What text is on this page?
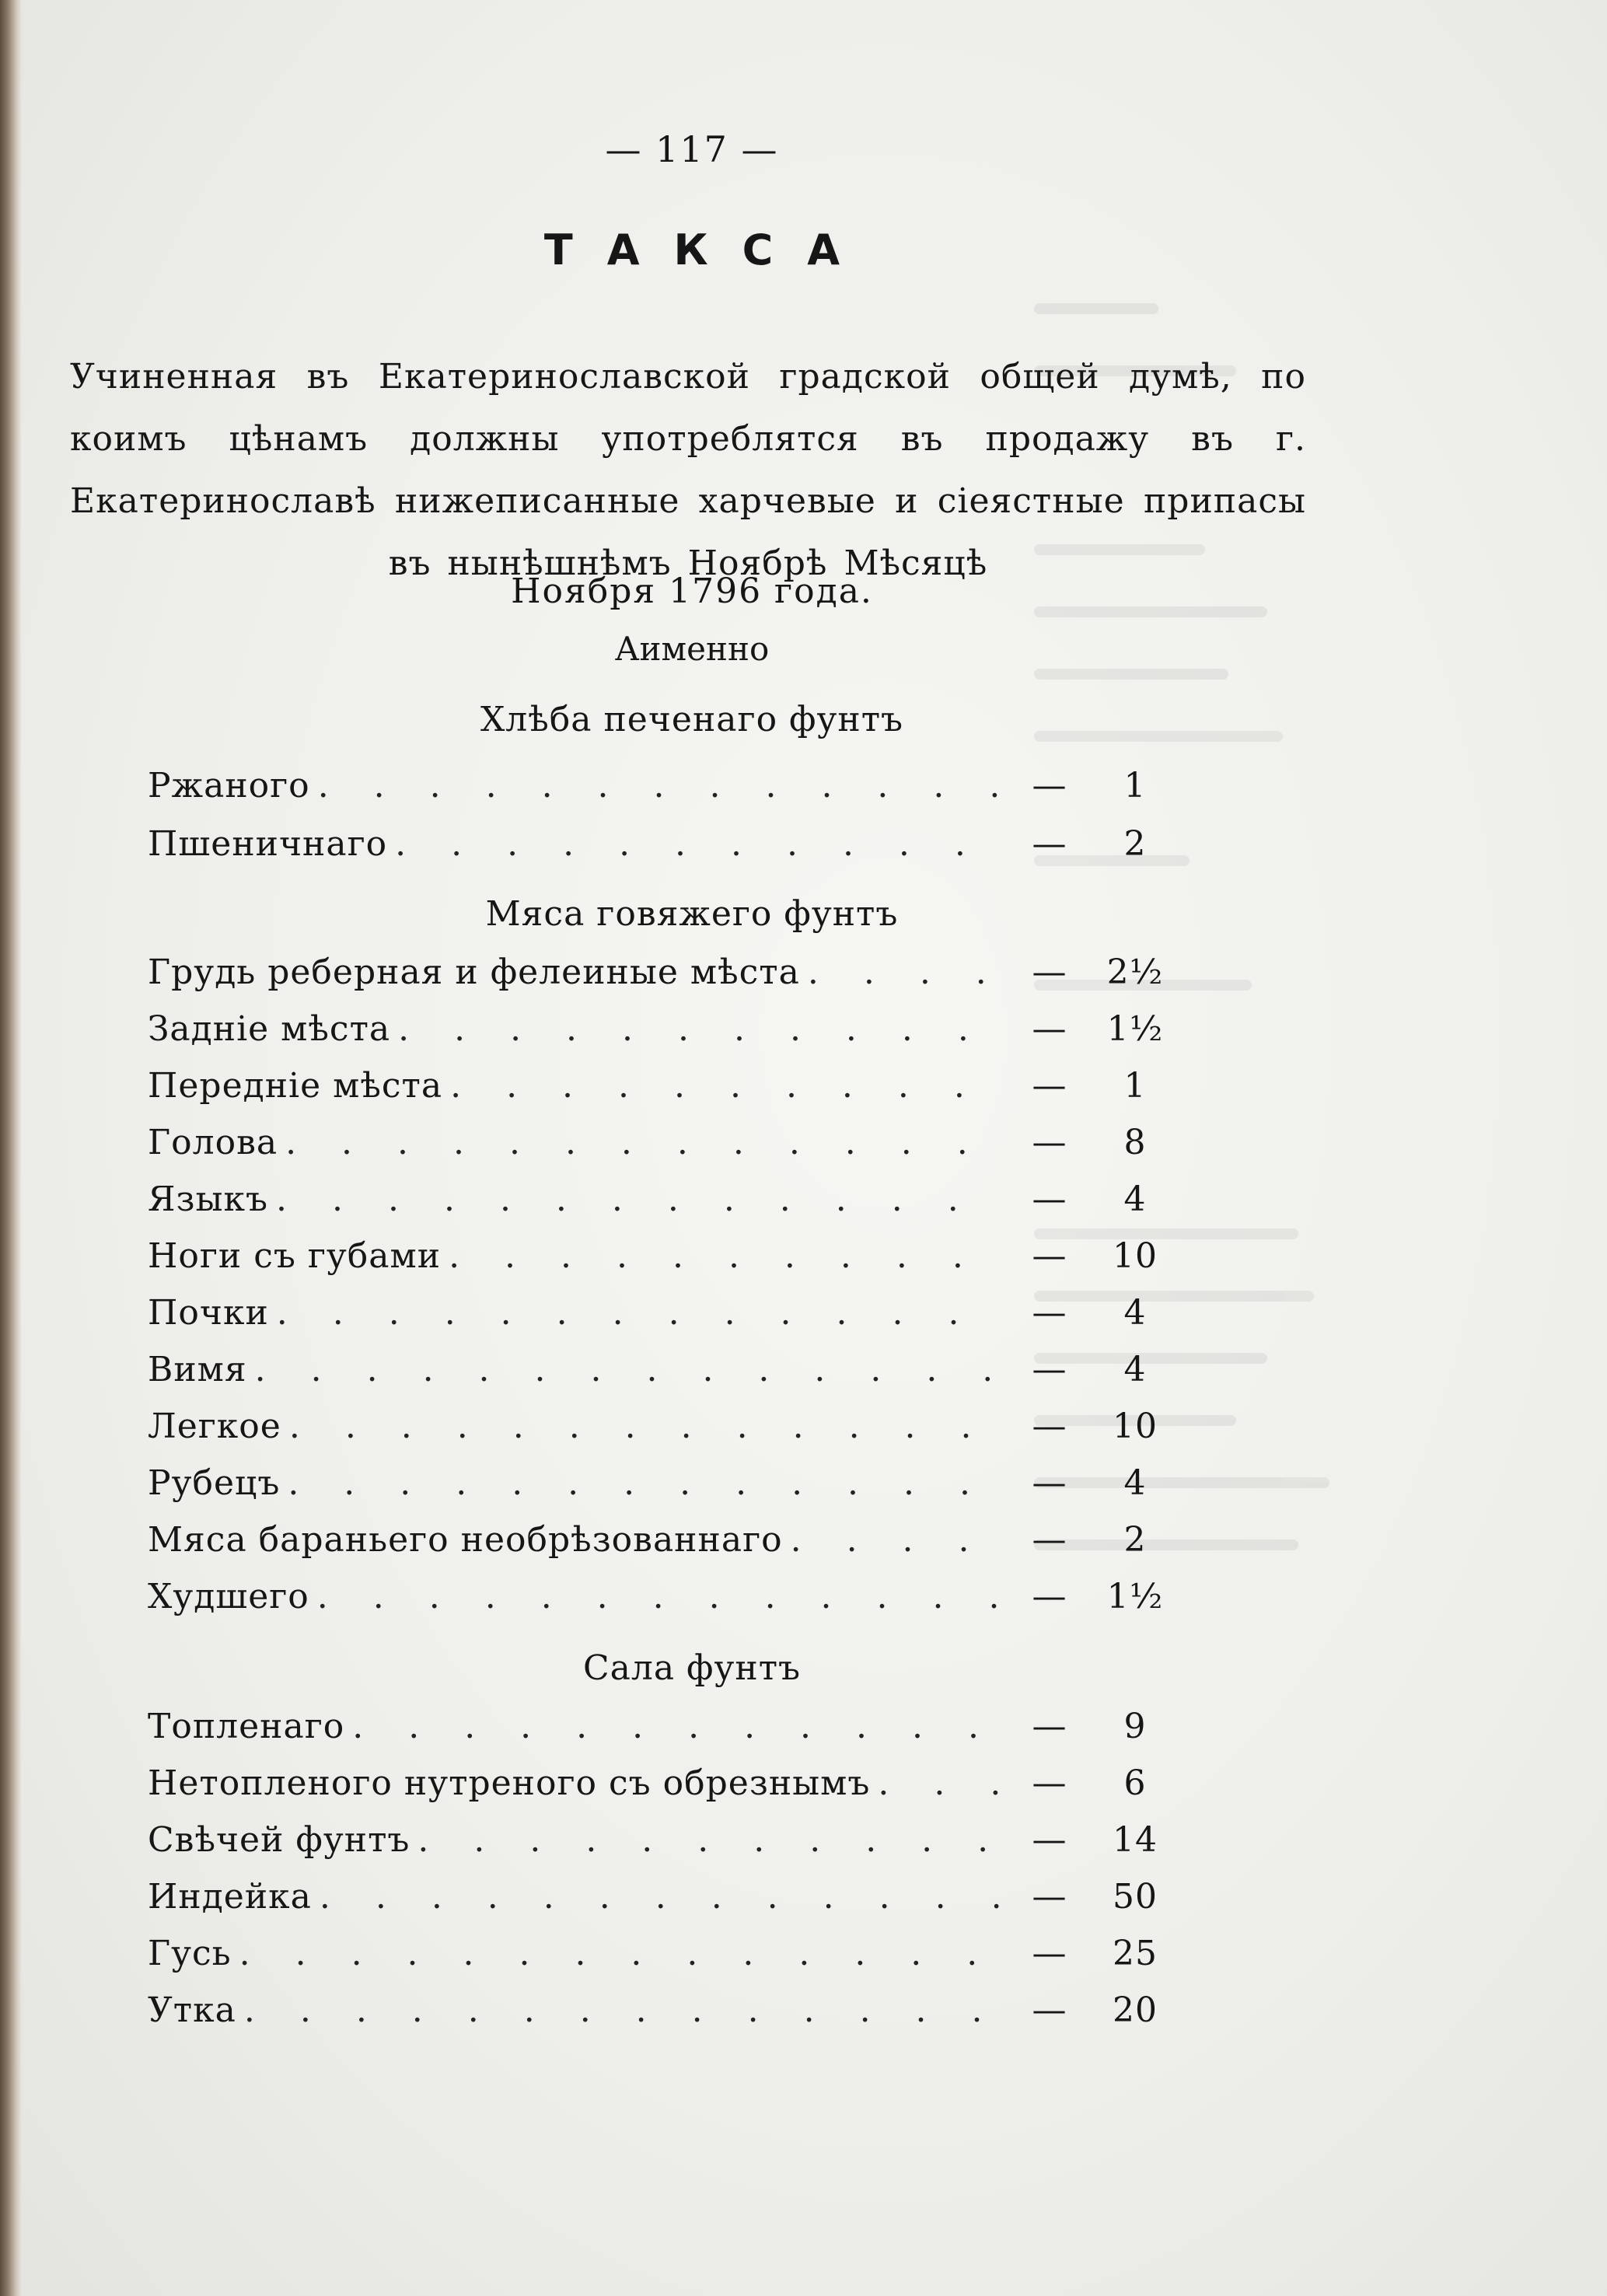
— 117 —
ТАКСА
Учиненная въ Екатеринославской градской общей думѣ, по коимъ цѣнамъ должны употреблятся въ продажу въ г. Екатеринославѣ нижеписанные харчевые и сіеястные припасы въ нынѣшнѣмъ Ноябрѣ Мѣсяцѣ
Ноября 1796 года.
Аименно
Хлѣба печенаго фунтъ
Ржаного . . .	—	1
Пшеничнаго . . .	—	2
Мяса говяжего фунтъ
Грудь реберная и фелеиные мѣста . . .	—	2½
Задніе мѣста . . .	—	1½
Передніе мѣста . . .	—	1
Голова . . .	—	8
Языкъ . . .	—	4
Ноги съ губами . . .	—	10
Почки . . .	—	4
Вимя . . .	—	4
Легкое . . .	—	10
Рубецъ . . .	—	4
Мяса бараньего необрѣзованнаго . . .	—	2
Худшего . . .	—	1½
Сала фунтъ
Топленаго . . .	—	9
Нетопленого нутреного съ обрезнымъ . . .	—	6
Свѣчей фунтъ . . .	—	14
Индейка . . .	—	50
Гусь . . .	—	25
Утка . . .	—	20
